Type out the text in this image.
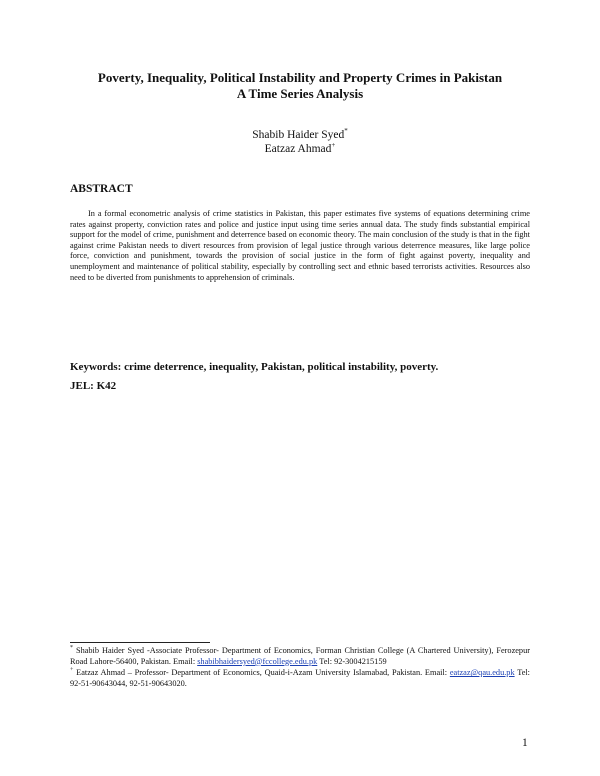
Poverty, Inequality, Political Instability and Property Crimes in Pakistan
A Time Series Analysis
Shabib Haider Syed*
Eatzaz Ahmad+
ABSTRACT
In a formal econometric analysis of crime statistics in Pakistan, this paper estimates five systems of equations determining crime rates against property, conviction rates and police and justice input using time series annual data. The study finds substantial empirical support for the model of crime, punishment and deterrence based on economic theory. The main conclusion of the study is that in the fight against crime Pakistan needs to divert resources from provision of legal justice through various deterrence measures, like large police force, conviction and punishment, towards the provision of social justice in the form of fight against poverty, inequality and unemployment and maintenance of political stability, especially by controlling sect and ethnic based terrorists activities. Resources also need to be diverted from punishments to apprehension of criminals.
Keywords: crime deterrence, inequality, Pakistan, political instability, poverty.
JEL: K42

* Shabib Haider Syed -Associate Professor- Department of Economics, Forman Christian College (A Chartered University), Ferozepur Road Lahore-56400, Pakistan. Email: shabibhaidersyed@fccollege.edu.pk Tel: 92-3004215159

+ Eatzaz Ahmad – Professor- Department of Economics, Quaid-i-Azam University Islamabad, Pakistan. Email: eatzaz@qau.edu.pk Tel: 92-51-90643044, 92-51-90643020.

1
